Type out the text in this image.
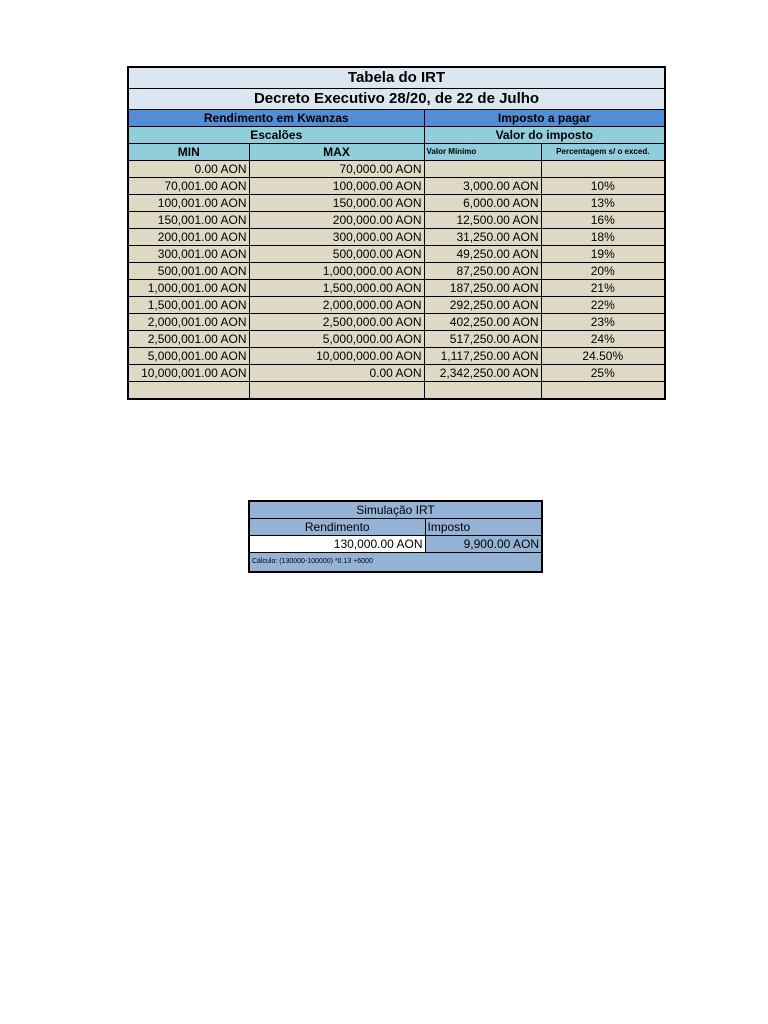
Tabela do IRT			
Decreto Executivo 28/20, de 22 de Julho			
Rendimento em Kwanzas		Imposto a pagar	
Escalões		Valor do imposto	
MIN	MAX	Valor Mínimo	Percentagem s/ o exced.
0.00 AON	70,000.00 AON		
70,001.00 AON	100,000.00 AON	3,000.00 AON	10%
100,001.00 AON	150,000.00 AON	6,000.00 AON	13%
150,001.00 AON	200,000.00 AON	12,500.00 AON	16%
200,001.00 AON	300,000.00 AON	31,250.00 AON	18%
300,001.00 AON	500,000.00 AON	49,250.00 AON	19%
500,001.00 AON	1,000,000.00 AON	87,250.00 AON	20%
1,000,001.00 AON	1,500,000.00 AON	187,250.00 AON	21%
1,500,001.00 AON	2,000,000.00 AON	292,250.00 AON	22%
2,000,001.00 AON	2,500,000.00 AON	402,250.00 AON	23%
2,500,001.00 AON	5,000,000.00 AON	517,250.00 AON	24%
5,000,001.00 AON	10,000,000.00 AON	1,117,250.00 AON	24.50%
10,000,001.00 AON	0.00 AON	2,342,250.00 AON	25%

Simulação IRT	
Rendimento	Imposto
130,000.00 AON	9,900.00 AON
Cálculo: (130000-100000) *0.13 +6000	
